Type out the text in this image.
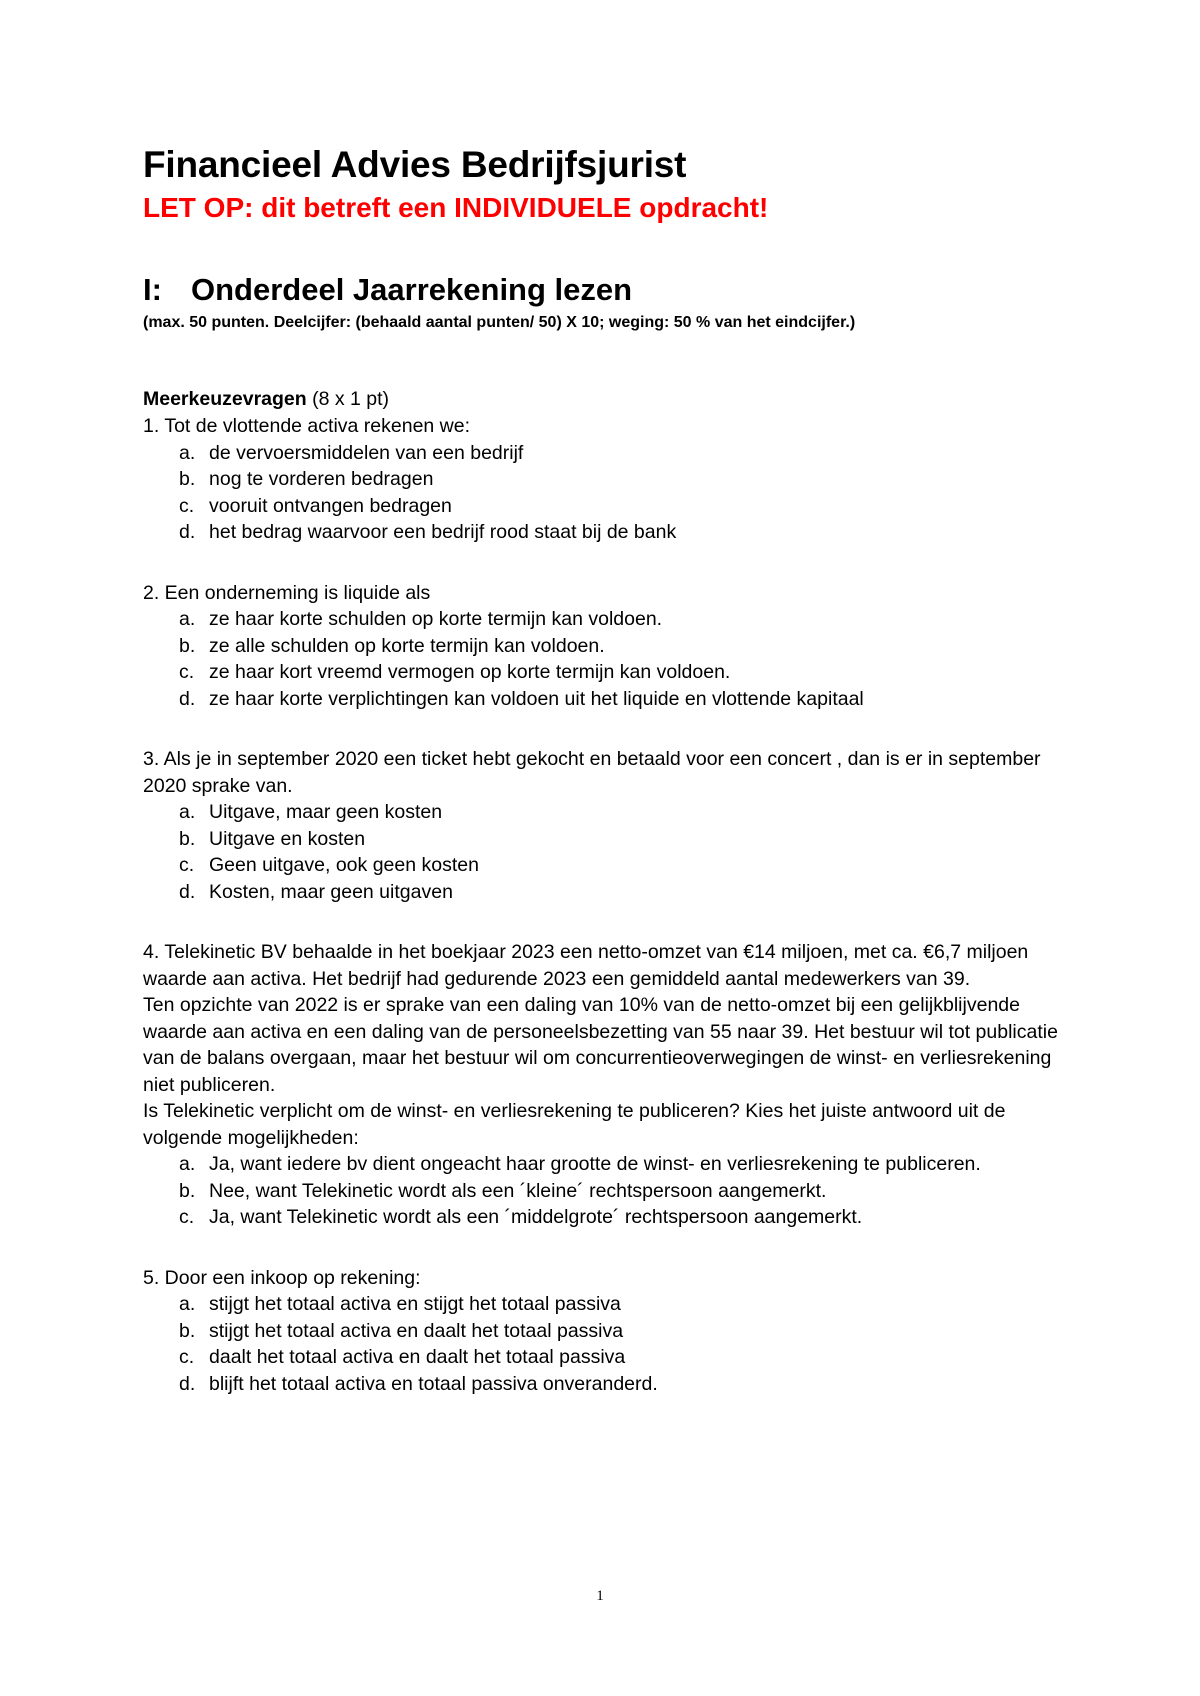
Financieel Advies Bedrijfsjurist

LET OP: dit betreft een INDIVIDUELE opdracht!

I: Onderdeel Jaarrekening lezen

(max. 50 punten. Deelcijfer: (behaald aantal punten/ 50) X 10; weging: 50 % van het eindcijfer.)

Meerkeuzevragen (8 x 1 pt)

1. Tot de vlottende activa rekenen we:

a. de vervoersmiddelen van een bedrijf
b. nog te vorderen bedragen
c. vooruit ontvangen bedragen
d. het bedrag waarvoor een bedrijf rood staat bij de bank

2. Een onderneming is liquide als

a. ze haar korte schulden op korte termijn kan voldoen.
b. ze alle schulden op korte termijn kan voldoen.
c. ze haar kort vreemd vermogen op korte termijn kan voldoen.
d. ze haar korte verplichtingen kan voldoen uit het liquide en vlottende kapitaal

3. Als je in september 2020 een ticket hebt gekocht en betaald voor een concert , dan is er in september 2020 sprake van.

a. Uitgave, maar geen kosten
b. Uitgave en kosten
c. Geen uitgave, ook geen kosten
d. Kosten, maar geen uitgaven

4. Telekinetic BV behaalde in het boekjaar 2023 een netto-omzet van €14 miljoen, met ca. €6,7 miljoen waarde aan activa. Het bedrijf had gedurende 2023 een gemiddeld aantal medewerkers van 39.

Ten opzichte van 2022 is er sprake van een daling van 10% van de netto-omzet bij een gelijkblijvende waarde aan activa en een daling van de personeelsbezetting van 55 naar 39. Het bestuur wil tot publicatie van de balans overgaan, maar het bestuur wil om concurrentieoverwegingen de winst- en verliesrekening niet publiceren.

Is Telekinetic verplicht om de winst- en verliesrekening te publiceren? Kies het juiste antwoord uit de volgende mogelijkheden:

a. Ja, want iedere bv dient ongeacht haar grootte de winst- en verliesrekening te publiceren.
b. Nee, want Telekinetic wordt als een ´kleine´ rechtspersoon aangemerkt.
c. Ja, want Telekinetic wordt als een ´middelgrote´ rechtspersoon aangemerkt.

5. Door een inkoop op rekening:

a. stijgt het totaal activa en stijgt het totaal passiva
b. stijgt het totaal activa en daalt het totaal passiva
c. daalt het totaal activa en daalt het totaal passiva
d. blijft het totaal activa en totaal passiva onveranderd.
1
